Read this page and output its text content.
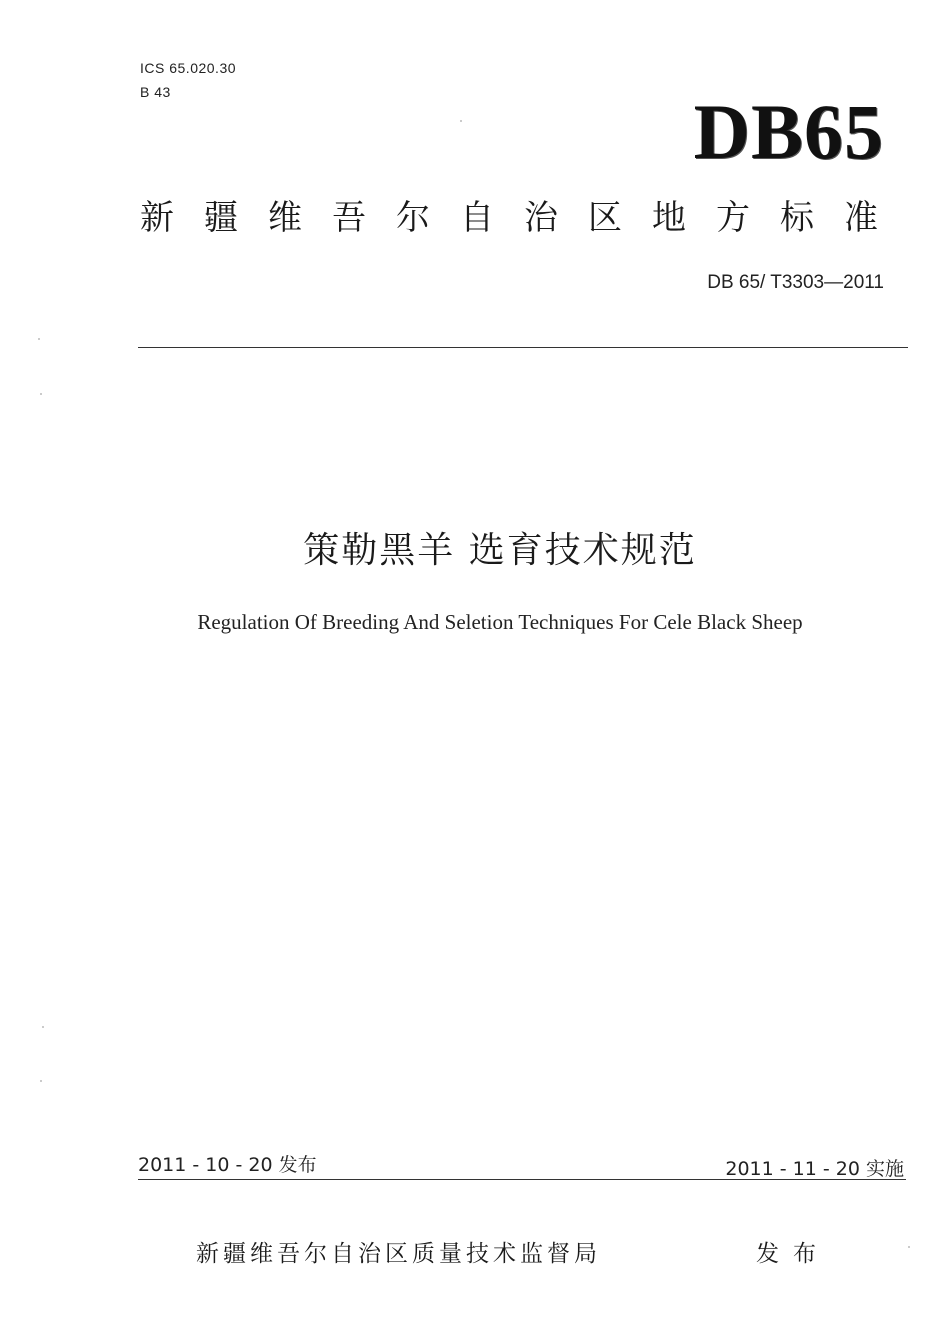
ICS 65.020.30
B 43	DB65
新疆维吾尔自治区地方标准
DB 65/ T3303—2011
策勒黑羊 选育技术规范
Regulation Of Breeding And Seletion Techniques For Cele Black Sheep
2011 - 10 - 20 发布	2011 - 11 - 20 实施
新疆维吾尔自治区质量技术监督局	发布
